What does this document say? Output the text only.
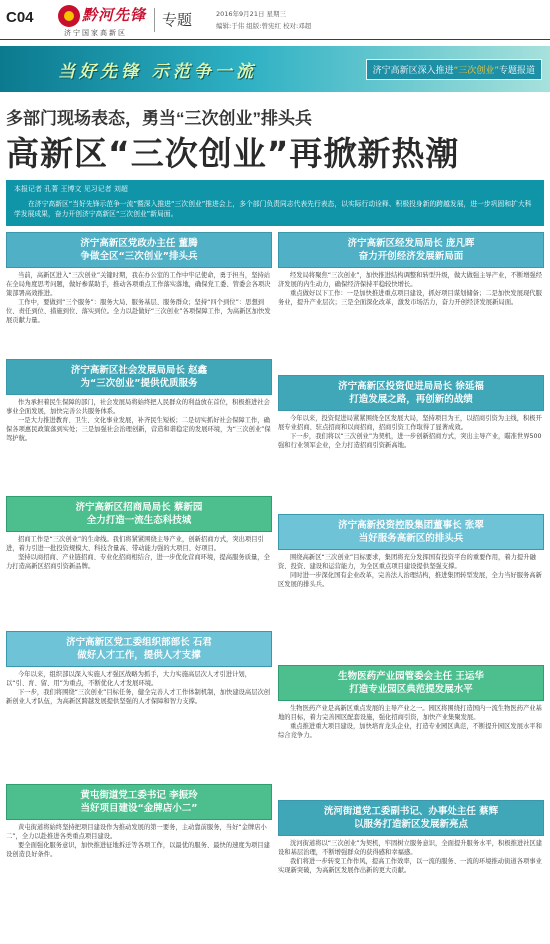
C04	黔河先锋
济宁国家高新区
专题	2016年9月21日 星期三
编辑:于伟 组版:曾宪红 校对:邓超
当好先锋 示范争一流	济宁高新区深入推进“三次创业”专题报道
多部门现场表态，勇当“三次创业”排头兵
高新区“三次创业”再掀新热潮
本报记者 孔菁 王博文 见习记者 刘超
在济宁高新区“当好先锋示范争一流”暨深入推进“三次创业”推进会上，多个部门负责同志代表先行表态，以实际行动诠释、积极投身新的跨越发展，进一步巩固和扩大科学发展成果，奋力开创济宁高新区“三次创业”新局面。
济宁高新区党政办主任 董腾
争做全区“三次创业”排头兵

当前，高新区进入“三次创业”关键时期，我在办公室的工作中牢记使命，勇于担当，坚持站在全局角度思考问题，做好参谋助手，推动各项重点工作落实落地，确保党工委、管委会各项决策部署高效推进。

工作中，要做到“三个服务”：服务大局、服务基层、服务群众；坚持“四个到位”：思想到位、责任到位、措施到位、落实到位。全力以赴做好“三次创业”各项保障工作，为高新区加快发展贡献力量。

济宁高新区社会发展局局长 赵鑫
为“三次创业”提供优质服务

作为承担着民生保障的部门，社会发展局将始终把人民群众的利益放在首位，积极推进社会事业全面发展，加快完善公共服务体系。

一是大力推进教育、卫生、文化事业发展，补齐民生短板；二是切实抓好社会保障工作，确保各项惠民政策落到实处；三是加强社会治理创新，营造和谐稳定的发展环境，为“三次创业”保驾护航。

济宁高新区招商局局长 蔡新园
全力打造一流生态科技城

招商工作是“三次创业”的生命线。我们将紧紧围绕主导产业，创新招商方式，突出项目引进，着力引进一批投资规模大、科技含量高、带动能力强的大项目、好项目。

坚持以商招商、产业链招商、专业化招商相结合，进一步优化营商环境，提高服务质量，全力打造高新区招商引资新品牌。

济宁高新区党工委组织部部长 石君
做好人才工作，提供人才支撑

今年以来，组织部以深入实施人才强区战略为抓手，大力实施高层次人才引进计划，以“引、育、留、用”为重点，不断优化人才发展环境。

下一步，我们将围绕“三次创业”目标任务，健全完善人才工作体制机制，加快建设高层次创新创业人才队伍，为高新区跨越发展提供坚强的人才保障和智力支撑。

黄屯街道党工委书记 李振玲
当好项目建设“金牌店小二”

黄屯街道将始终坚持把项目建设作为推动发展的第一要务，主动靠前服务，当好“金牌店小二”，全力以赴推进各类重点项目建设。

要全面强化服务意识，加快推进征地拆迁等各项工作，以最优的服务、最快的速度为项目建设创造良好条件。

济宁高新区经发局局长 庞凡晖
奋力开创经济发展新局面

经发局将聚焦“三次创业”，加快推进结构调整和转型升级，做大做强主导产业，不断增强经济发展的内生动力，确保经济保持平稳较快增长。

重点做好以下工作：一是加快推进重点项目建设，抓好项目谋划储备；二是加快发展现代服务业，提升产业层次；三是全面深化改革，激发市场活力，奋力开创经济发展新局面。

济宁高新区投资促进局局长 徐延福
打造发展之路，再创新的战绩

今年以来，投资促进局紧紧围绕全区发展大局，坚持项目为王，以招商引资为主线，积极开展专业招商、驻点招商和以商招商，招商引资工作取得了显著成效。

下一步，我们将以“三次创业”为契机，进一步创新招商方式，突出主导产业，瞄准世界500强和行业领军企业，全力打造招商引资新高地。

济宁高新投资控股集团董事长 张翠
当好服务高新区的排头兵

围绕高新区“三次创业”目标要求，集团将充分发挥国有投资平台的重要作用，着力提升融资、投资、建设和运营能力，为全区重点项目建设提供坚强支撑。

同时进一步深化国有企业改革，完善法人治理结构，推进集团转型发展，全力当好服务高新区发展的排头兵。

生物医药产业园管委会主任 王运华
打造专业园区典范提发展水平

生物医药产业是高新区重点发展的主导产业之一。园区将围绕打造国内一流生物医药产业基地的目标，着力完善园区配套设施，强化招商引资，加快产业集聚发展。

重点推进重大项目建设，加快培育龙头企业，打造专业园区典范，不断提升园区发展水平和综合竞争力。

洸河街道党工委副书记、办事处主任 蔡辉
以服务打造新区发展新亮点

洸河街道将以“三次创业”为契机，牢固树立服务意识，全面提升服务水平，积极推进社区建设和基层治理，不断增强群众的获得感和幸福感。

我们将进一步转变工作作风，提高工作效率，以一流的服务、一流的环境推动街道各项事业实现新突破，为高新区发展作出新的更大贡献。
